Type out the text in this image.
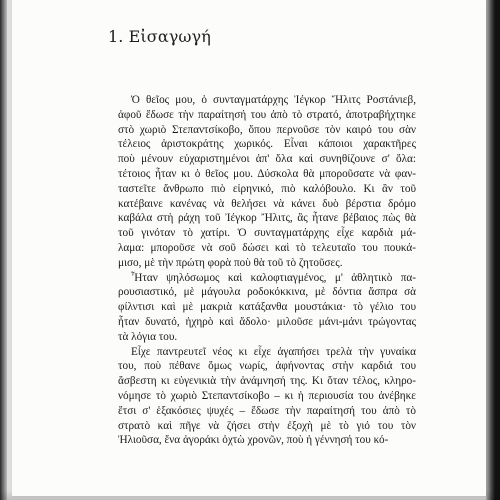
1. Εἰσαγωγή

Ὁ θεῖος μου, ὁ συνταγματάρχης Ἰέγκορ Ἤλιτς Ροστάνιεβ,
ἀφοῦ ἔδωσε τὴν παραίτησή του ἀπὸ τὸ στρατό, ἀποτραβήχτηκε
στὸ χωριὸ Στεπαντσίκοβο, ὅπου περνοῦσε τὸν καιρό του σὰν
τέλειος ἀριστοκράτης χωρικός. Εἶναι κάποιοι χαρακτῆρες
ποὺ μένουν εὐχαριστημένοι ἀπ' ὅλα καὶ συνηθίζουνε σ' ὅλα:
τέτοιος ἦταν κι ὁ θεῖος μου. Δύσκολα θὰ μποροῦσατε νὰ φαν-
ταστεῖτε ἄνθρωπο πιὸ εἰρηνικό, πιὸ καλόβουλο. Κι ἂν τοῦ
κατέβαινε κανένας νὰ θελήσει νὰ κάνει δυὸ βέρστια δρόμο
καβάλα στὴ ράχη τοῦ Ἰέγκορ Ἤλιτς, ἂς ἦτανε βέβαιος πὼς θὰ
τοῦ γινόταν τὸ χατίρι. Ὁ συνταγματάρχης εἶχε καρδιὰ μά-
λαμα: μποροῦσε νὰ σοῦ δώσει καὶ τὸ τελευταῖο του πουκά-
μισο, μὲ τὴν πρώτη φορὰ ποὺ θὰ τοῦ τὸ ζητοῦσες.

Ἦταν ψηλόσωμος καὶ καλοφτιαγμένος, μ' ἀθλητικὸ πα-
ρουσιαστικό, μὲ μάγουλα ροδοκόκκινα, μὲ δόντια ἄσπρα σὰ
φίλντισι καὶ μὲ μακριὰ κατάξανθα μουστάκια· τὸ γέλιο του
ἦταν δυνατό, ἠχηρὸ καὶ ἄδολο· μιλοῦσε μάνι-μάνι τρώγοντας
τὰ λόγια του.

Εἶχε παντρευτεῖ νέος κι εἶχε ἀγαπήσει τρελὰ τὴν γυναίκα
του, ποὺ πέθανε ὅμως νωρίς, ἀφήνοντας στὴν καρδιά του
ἄσβεστη κι εὐγενικιὰ τὴν ἀνάμνησή της. Κι ὅταν τέλος, κληρο-
νόμησε τὸ χωριὸ Στεπαντσίκοβο – κι ἡ περιουσία του ἀνέβηκε
ἔτσι σ' ἑξακόσιες ψυχές – ἔδωσε τὴν παραίτησή του ἀπὸ τὸ
στρατὸ καὶ πῆγε νὰ ζήσει στὴν ἐξοχὴ μὲ τὸ γιό του τὸν
Ἠλιοῦσα, ἕνα ἀγοράκι ὀχτὼ χρονῶν, ποὺ ἡ γέννησή του κό-
